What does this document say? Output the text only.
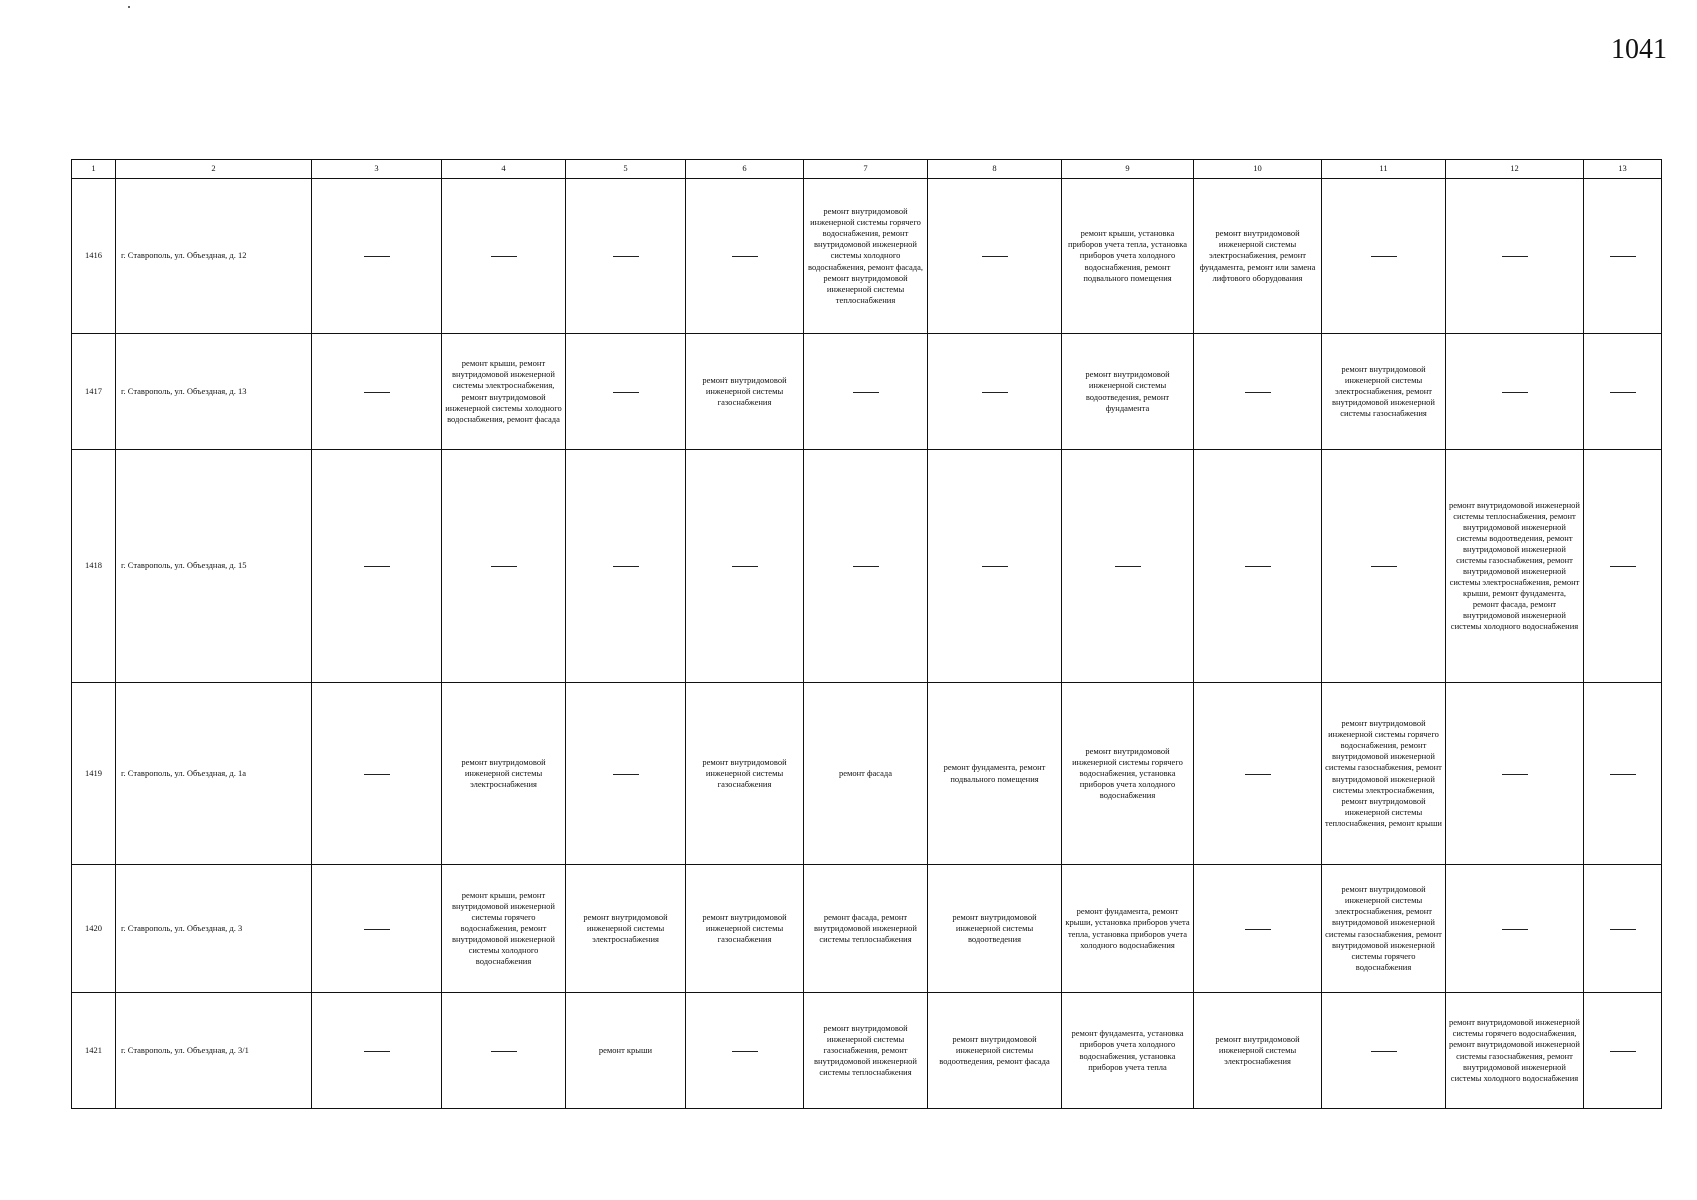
1041
1	2	3	4	5	6	7	8	9	10	11	12	13
1416	г. Ставрополь, ул. Объездная, д. 12					ремонт внутридомовой инженерной системы горячего водоснабжения, ремонт внутридомовой инженерной системы холодного водоснабжения, ремонт фасада, ремонт внутридомовой инженерной системы теплоснабжения		ремонт крыши, установка приборов учета тепла, установка приборов учета холодного водоснабжения, ремонт подвального помещения	ремонт внутридомовой инженерной системы электроснабжения, ремонт фундамента, ремонт или замена лифтового оборудования			
1417	г. Ставрополь, ул. Объездная, д. 13		ремонт крыши, ремонт внутридомовой инженерной системы электроснабжения, ремонт внутридомовой инженерной системы холодного водоснабжения, ремонт фасада		ремонт внутридомовой инженерной системы газоснабжения			ремонт внутридомовой инженерной системы водоотведения, ремонт фундамента		ремонт внутридомовой инженерной системы электроснабжения, ремонт внутридомовой инженерной системы газоснабжения		
1418	г. Ставрополь, ул. Объездная, д. 15										ремонт внутридомовой инженерной системы теплоснабжения, ремонт внутридомовой инженерной системы водоотведения, ремонт внутридомовой инженерной системы газоснабжения, ремонт внутридомовой инженерной системы электроснабжения, ремонт крыши, ремонт фундамента, ремонт фасада, ремонт внутридомовой инженерной системы холодного водоснабжения	
1419	г. Ставрополь, ул. Объездная, д. 1а		ремонт внутридомовой инженерной системы электроснабжения		ремонт внутридомовой инженерной системы газоснабжения	ремонт фасада	ремонт фундамента, ремонт подвального помещения	ремонт внутридомовой инженерной системы горячего водоснабжения, установка приборов учета холодного водоснабжения		ремонт внутридомовой инженерной системы горячего водоснабжения, ремонт внутридомовой инженерной системы газоснабжения, ремонт внутридомовой инженерной системы электроснабжения, ремонт внутридомовой инженерной системы теплоснабжения, ремонт крыши		
1420	г. Ставрополь, ул. Объездная, д. 3		ремонт крыши, ремонт внутридомовой инженерной системы горячего водоснабжения, ремонт внутридомовой инженерной системы холодного водоснабжения	ремонт внутридомовой инженерной системы электроснабжения	ремонт внутридомовой инженерной системы газоснабжения	ремонт фасада, ремонт внутридомовой инженерной системы теплоснабжения	ремонт внутридомовой инженерной системы водоотведения	ремонт фундамента, ремонт крыши, установка приборов учета тепла, установка приборов учета холодного водоснабжения		ремонт внутридомовой инженерной системы электроснабжения, ремонт внутридомовой инженерной системы газоснабжения, ремонт внутридомовой инженерной системы горячего водоснабжения		
1421	г. Ставрополь, ул. Объездная, д. 3/1			ремонт крыши		ремонт внутридомовой инженерной системы газоснабжения, ремонт внутридомовой инженерной системы теплоснабжения	ремонт внутридомовой инженерной системы водоотведения, ремонт фасада	ремонт фундамента, установка приборов учета холодного водоснабжения, установка приборов учета тепла	ремонт внутридомовой инженерной системы электроснабжения		ремонт внутридомовой инженерной системы горячего водоснабжения, ремонт внутридомовой инженерной системы газоснабжения, ремонт внутридомовой инженерной системы холодного водоснабжения	
